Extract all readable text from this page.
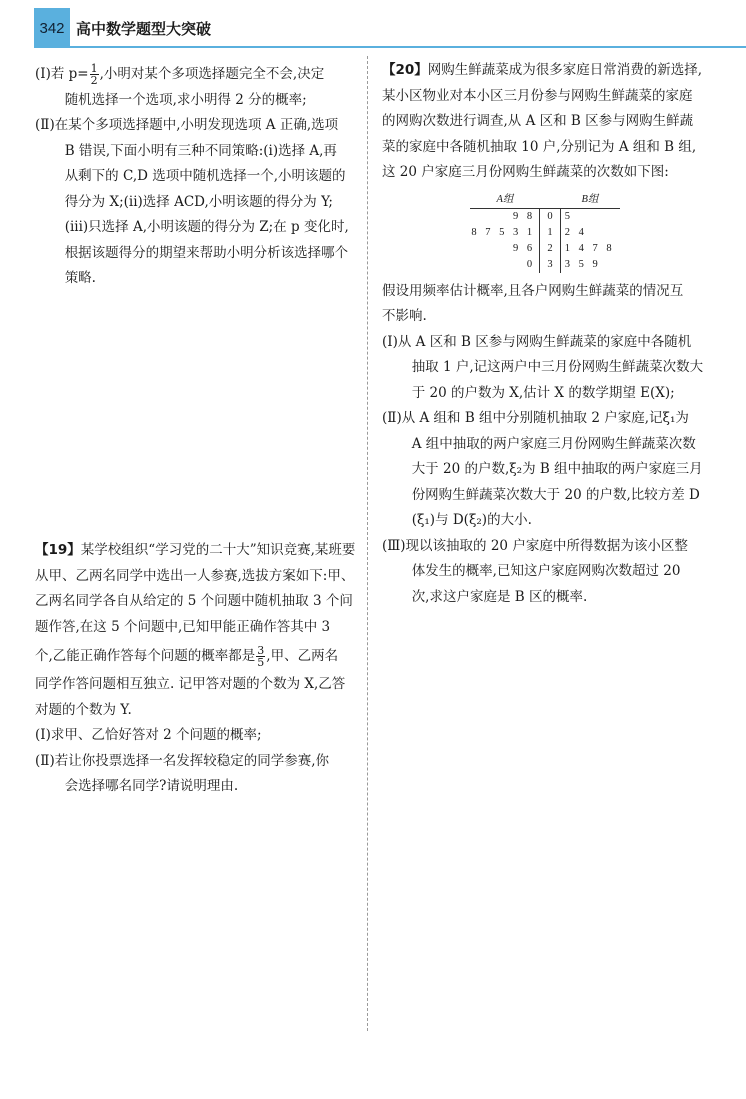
342 高中数学题型大突破

(Ⅰ)若 $p= \frac{1}{2}$ ,小明对某个多项选择题完全不会,决定

随机选择一个选项,求小明得 2 分的概率;

(Ⅱ)在某个多项选择题中,小明发现选项 A 正确,选项

B 错误,下面小明有三种不同策略:(i)选择 A,再

从剩下的 C,D 选项中随机选择一个,小明该题的

得分为 X;(ii)选择 ACD,小明该题的得分为 Y;

(iii)只选择 A,小明该题的得分为 Z;在 p 变化时,

根据该题得分的期望来帮助小明分析该选择哪个

策略.

【19】某学校组织“学习党的二十大”知识竞赛,某班要

从甲、乙两名同学中选出一人参赛,选拔方案如下:甲、

乙两名同学各自从给定的 5 个问题中随机抽取 3 个问

题作答,在这 5 个问题中,已知甲能正确作答其中 3

个,乙能正确作答每个问题的概率都是 $\frac{3}{5}$ ,甲、乙两名

同学作答问题相互独立. 记甲答对题的个数为 X,乙答

对题的个数为 Y.

(Ⅰ)求甲、乙恰好答对 2 个问题的概率;

(Ⅱ)若让你投票选择一名发挥较稳定的同学参赛,你

会选择哪名同学?请说明理由.

【20】网购生鲜蔬菜成为很多家庭日常消费的新选择,

某小区物业对本小区三月份参与网购生鲜蔬菜的家庭

的网购次数进行调查,从 A 区和 B 区参与网购生鲜蔬

菜的家庭中各随机抽取 10 户,分别记为 A 组和 B 组,

这 20 户家庭三月份网购生鲜蔬菜的次数如下图:

A组	B组
9 8	0	5
8 7 5 3 1	1	2 4
9 6	2	1 4 7 8
0	3	3 5 9

假设用频率估计概率,且各户网购生鲜蔬菜的情况互

不影响.

(Ⅰ)从 A 区和 B 区参与网购生鲜蔬菜的家庭中各随机

抽取 1 户,记这两户中三月份网购生鲜蔬菜次数大

于 20 的户数为 X,估计 X 的数学期望 E(X);

(Ⅱ)从 A 组和 B 组中分别随机抽取 2 户家庭,记ξ₁为

A 组中抽取的两户家庭三月份网购生鲜蔬菜次数

大于 20 的户数,ξ₂为 B 组中抽取的两户家庭三月

份网购生鲜蔬菜次数大于 20 的户数,比较方差 D

(ξ₁)与 D(ξ₂)的大小.

(Ⅲ)现以该抽取的 20 户家庭中所得数据为该小区整

体发生的概率,已知这户家庭网购次数超过 20

次,求这户家庭是 B 区的概率.
